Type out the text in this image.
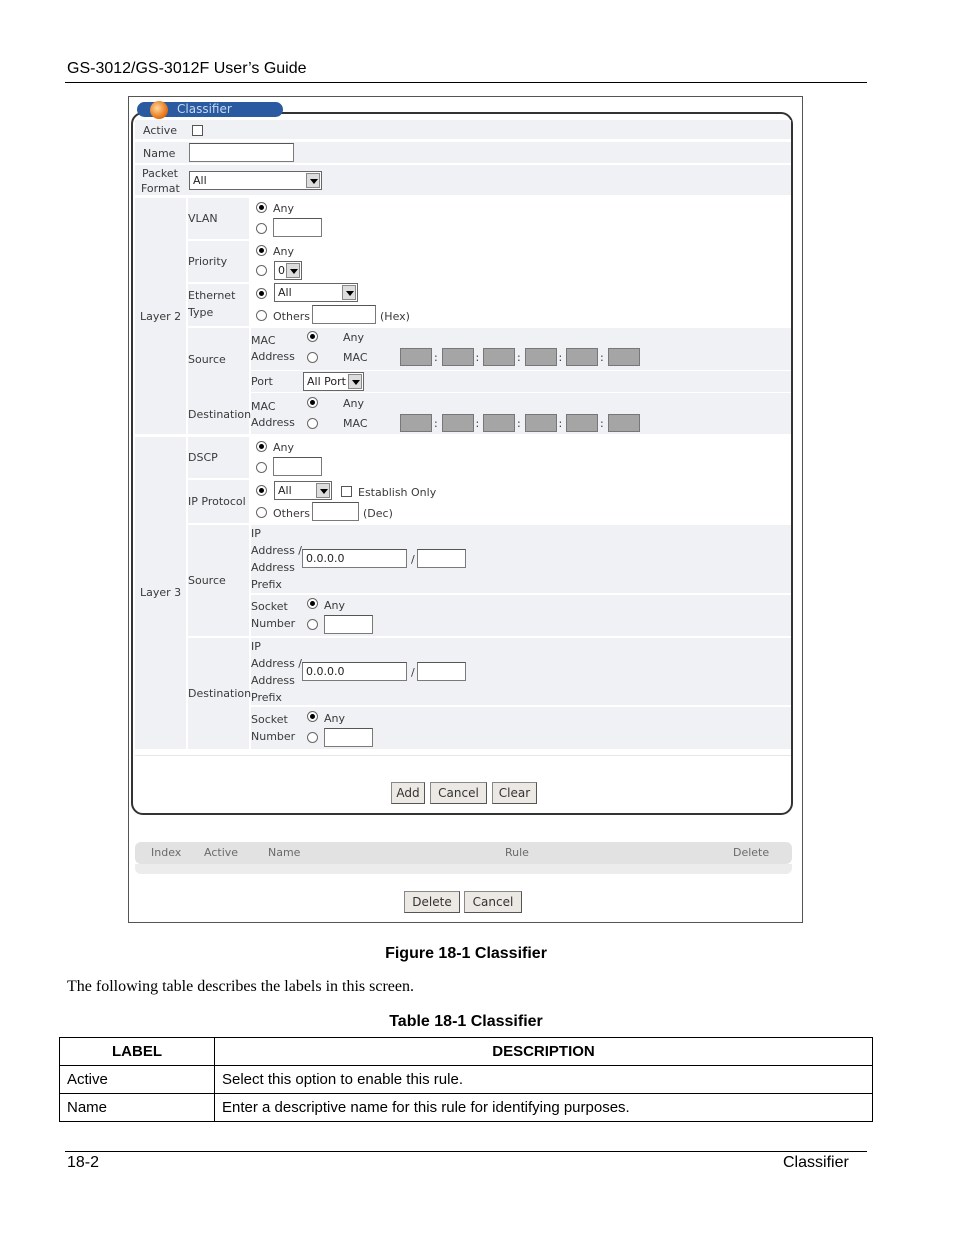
GS-3012/GS-3012F User’s Guide
Classifier
Active
Name
Packet
Format
All
Layer 2
Layer 3
VLAN
Any
Priority
Any
0
Ethernet
Type
All
Others	(Hex)
Source
MAC
Address
Any
MAC
Port	All Port
Destination
MAC
Address
Any
MAC
DSCP
Any
IP Protocol
All	Establish Only
Others	(Dec)
Source
IP
Address /
Address
Prefix
0.0.0.0	/
Socket
Number
Any
Destination
IP
Address /
Address
Prefix
0.0.0.0	/
Socket
Number
Any
Add	Cancel	Clear
Index Active	Name	Rule	Delete
Delete	Cancel
Figure 18-1 Classifier
The following table describes the labels in this screen.
Table 18-1 Classifier
LABEL	DESCRIPTION
Active	Select this option to enable this rule.
Name	Enter a descriptive name for this rule for identifying purposes.
18-2	Classifier
:	:	:	:	:
:	:	:	:	:
